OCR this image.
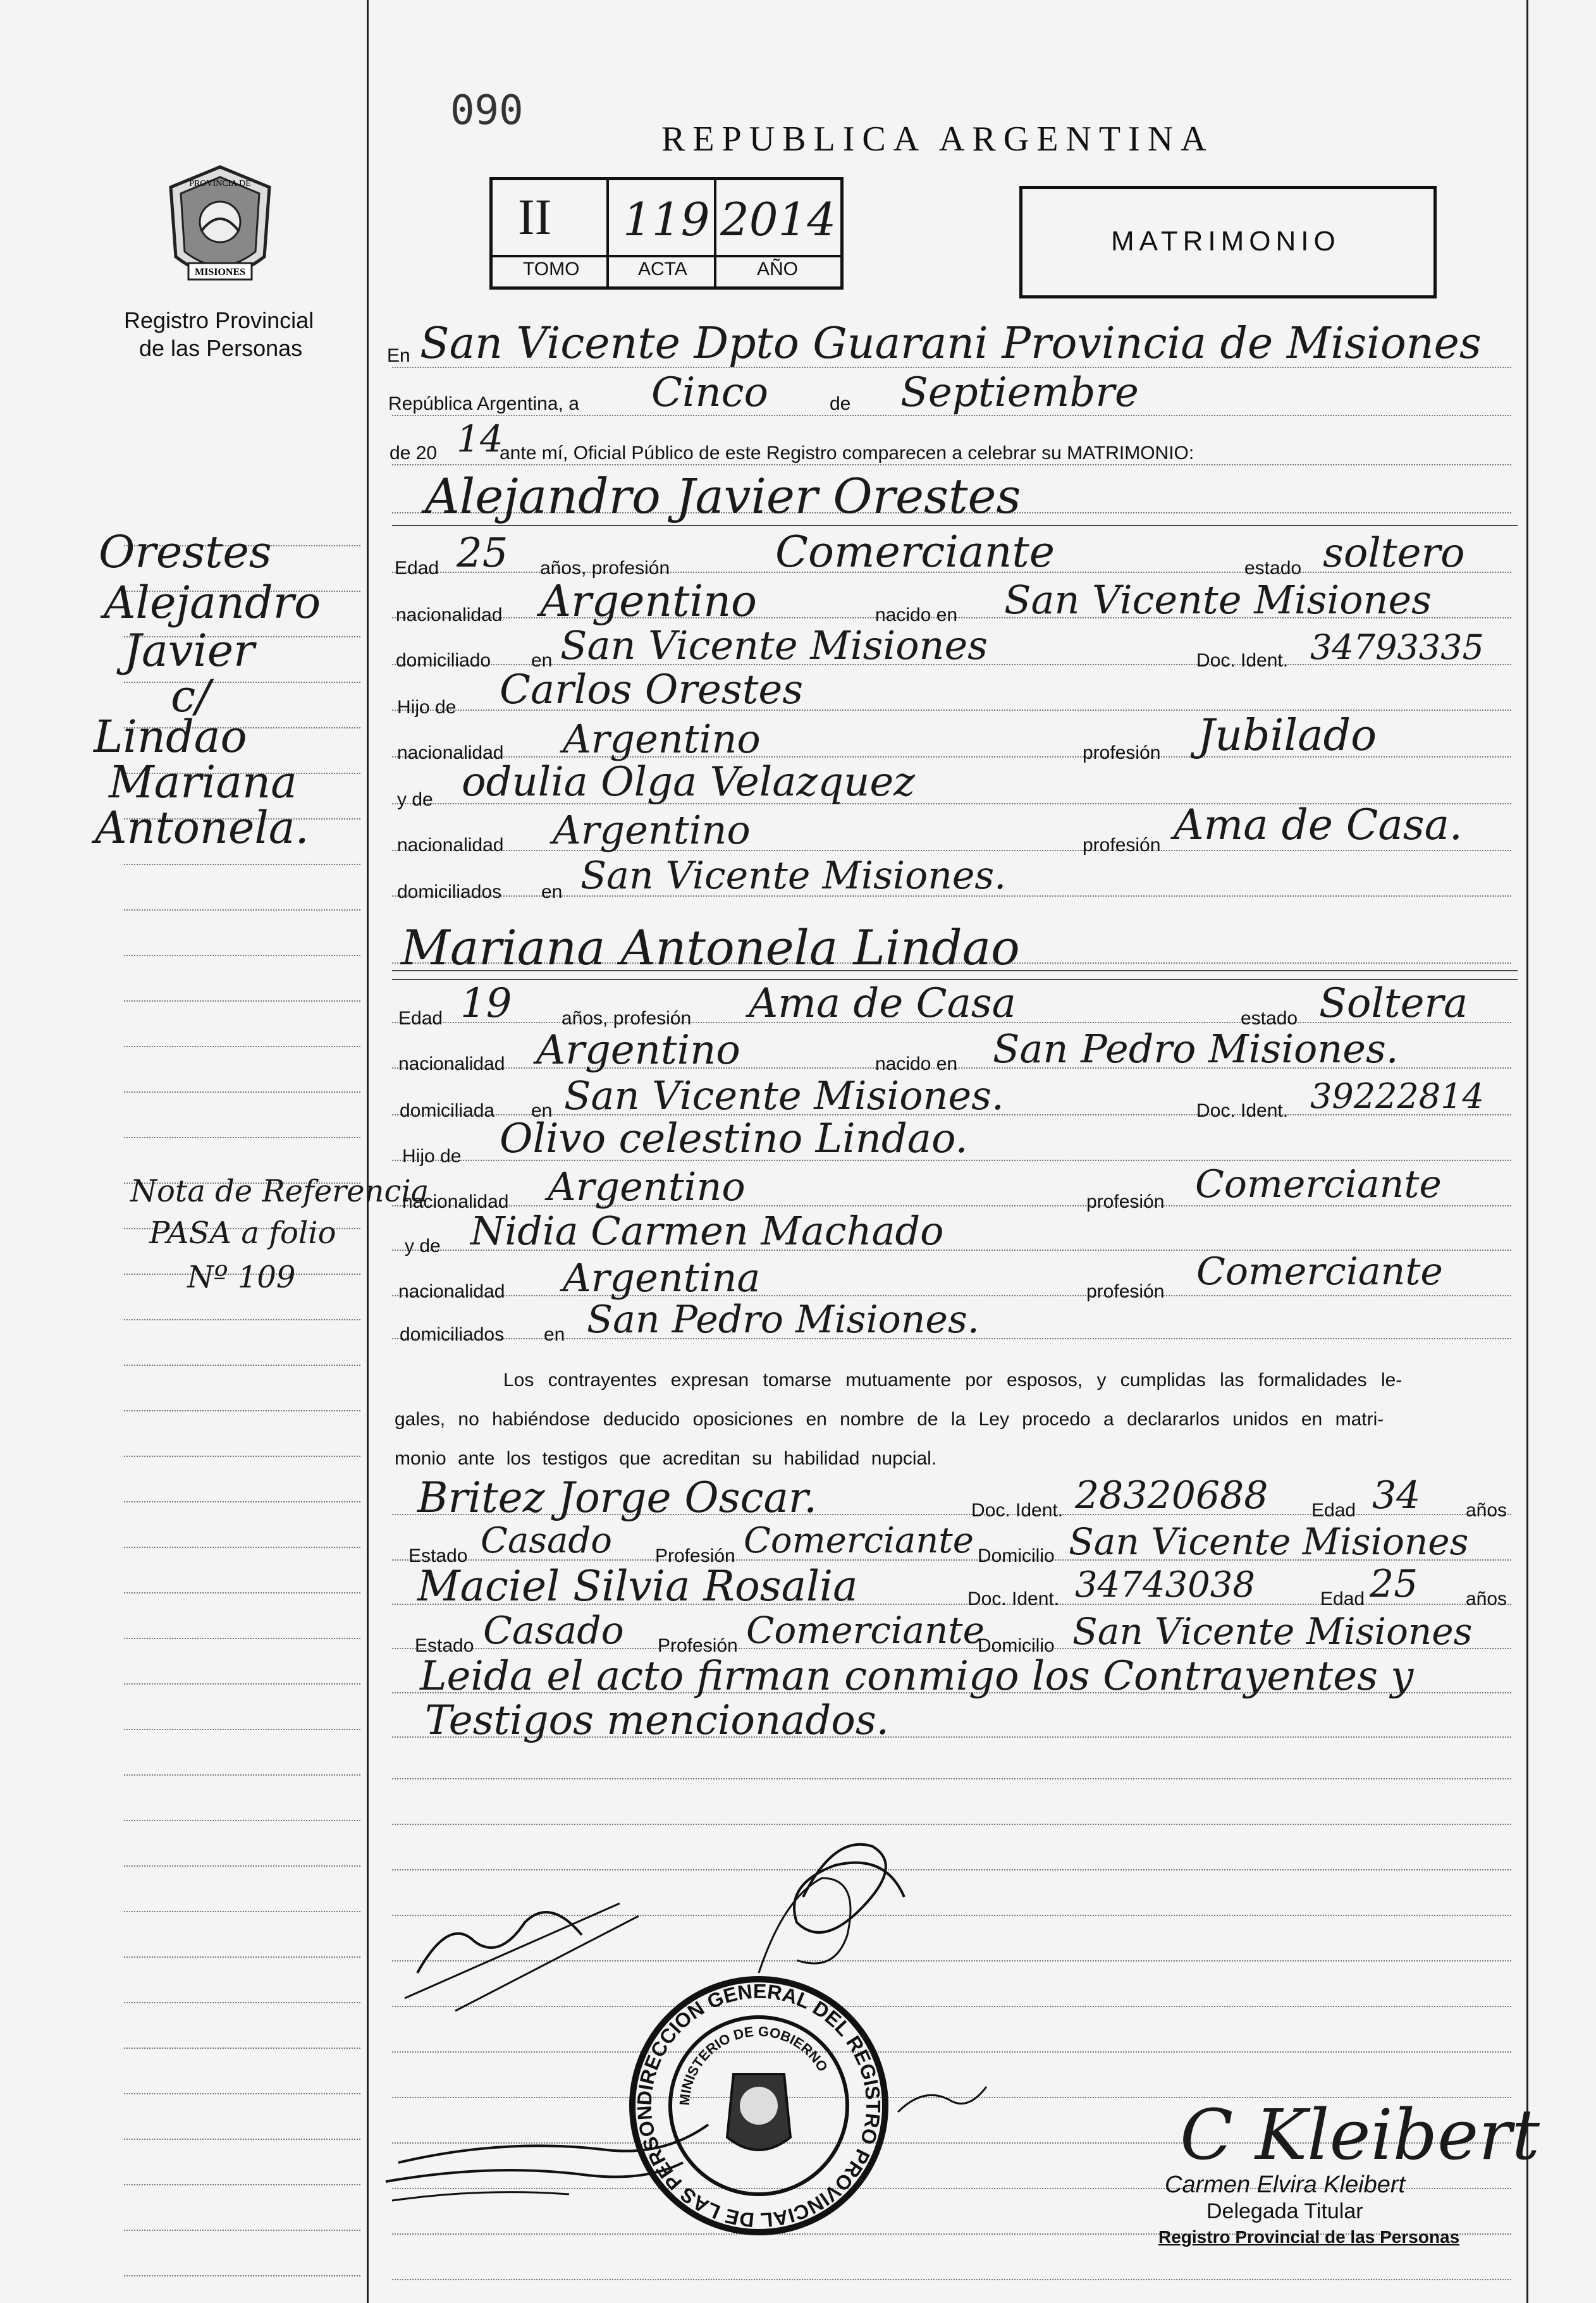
090
REPUBLICA ARGENTINA
PROVINCIA DE
MISIONES
Registro Provincial
de las Personas
II 119 2014
TOMO	ACTA	AÑO
MATRIMONIO
Orestes
Alejandro
Javier
c/
Lindao
Mariana
Antonela.
Nota de Referencia
PASA a folio
Nº 109
En San Vicente Dpto Guarani Provincia de Misiones
República Argentina, a Cinco	de Septiembre
de 20 14
ante mí, Oficial Público de este Registro comparecen a celebrar su MATRIMONIO:
Alejandro Javier Orestes
Edad 25 años, profesión Comerciante	estado soltero
nacionalidad Argentino	nacido en San Vicente Misiones
domiciliado en San Vicente Misiones	Doc. Ident. 34793335
Hijo de Carlos Orestes
nacionalidad Argentino	profesión Jubilado
y de odulia Olga Velazquez
nacionalidad Argentino	profesión Ama de Casa.
domiciliados en San Vicente Misiones.
Mariana Antonela Lindao
Edad 19	años, profesión Ama de Casa	estado Soltera
nacionalidad Argentino	nacido en San Pedro Misiones.
domiciliada en San Vicente Misiones.	Doc. Ident. 39222814
Hijo de Olivo celestino Lindao.
nacionalidad Argentino	profesión Comerciante
y de Nidia Carmen Machado
nacionalidad Argentina	profesión Comerciante
domiciliados en San Pedro Misiones.
Los contrayentes expresan tomarse mutuamente por esposos, y cumplidas las formalidades le-
gales, no habiéndose deducido oposiciones en nombre de la Ley procedo a declararlos unidos en matri-
monio ante los testigos que acreditan su habilidad nupcial.
Britez Jorge Oscar.	Doc. Ident. 28320688 Edad 34 años
Estado Casado Profesión Comerciante Domicilio San Vicente Misiones
Maciel Silvia Rosalia	Doc. Ident. 34743038	Edad 25	años
Estado Casado Profesión Comerciante
Domicilio San Vicente Misiones
Leida el acto firman conmigo los Contrayentes y
Testigos mencionados.
DIRECCION GENERAL DEL REGISTRO PROVINCIAL DE LAS PERSON
MINISTERIO DE GOBIERNO
C Kleibert
Carmen Elvira Kleibert
Delegada Titular
Registro Provincial de las Personas
